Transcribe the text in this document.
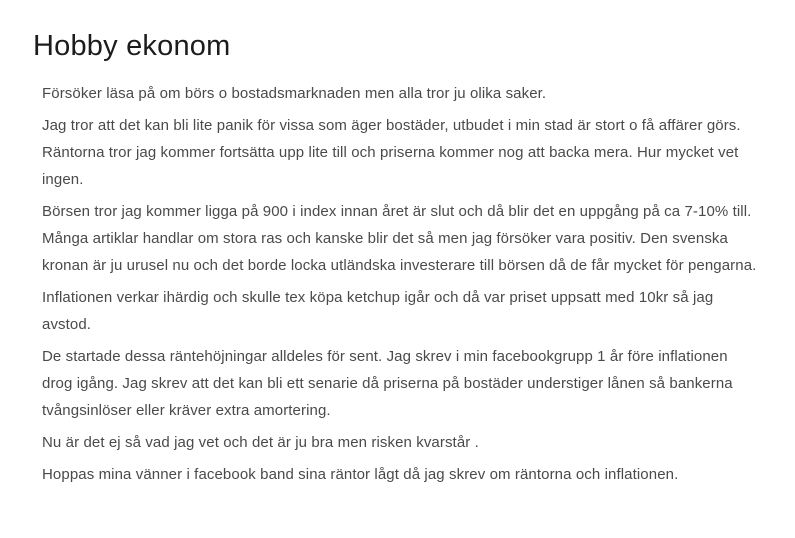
Hobby ekonom

Försöker läsa på om börs o bostadsmarknaden men alla tror ju olika saker.

Jag tror att det kan bli lite panik för vissa som äger bostäder, utbudet i min stad är stort o få affärer görs. Räntorna tror jag kommer fortsätta upp lite till och priserna kommer nog att backa mera. Hur mycket vet ingen.

Börsen tror jag kommer ligga på 900 i index innan året är slut och då blir det en uppgång på ca 7-10% till. Många artiklar handlar om stora ras och kanske blir det så men jag försöker vara positiv. Den svenska kronan är ju urusel nu och det borde locka utländska investerare till börsen då de får mycket för pengarna.

Inflationen verkar ihärdig och skulle tex köpa ketchup igår och då var priset uppsatt med 10kr så jag avstod.

De startade dessa räntehöjningar alldeles för sent. Jag skrev i min facebookgrupp 1 år före inflationen drog igång. Jag skrev att det kan bli ett senarie då priserna på bostäder understiger lånen så bankerna tvångsinlöser eller kräver extra amortering.

Nu är det ej så vad jag vet och det är ju bra men risken kvarstår .

Hoppas mina vänner i facebook band sina räntor lågt då jag skrev om räntorna och inflationen.
